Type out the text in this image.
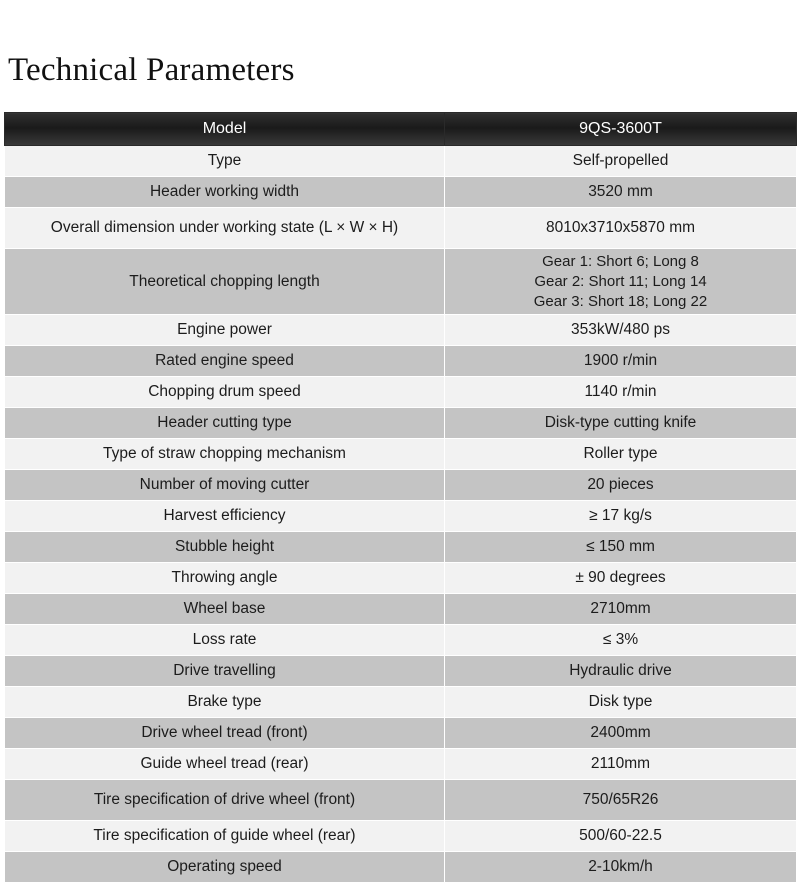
Technical Parameters
Model	9QS-3600T
Type	Self-propelled
Header working width	3520 mm
Overall dimension under working state (L × W × H)	8010x3710x5870 mm
Theoretical chopping length	Gear 1: Short 6; Long 8
Gear 2: Short 11; Long 14
Gear 3: Short 18; Long 22

Engine power	353kW/480 ps
Rated engine speed	1900 r/min
Chopping drum speed	1140 r/min
Header cutting type	Disk-type cutting knife
Type of straw chopping mechanism	Roller type
Number of moving cutter	20 pieces
Harvest efficiency	≥ 17 kg/s
Stubble height	≤ 150 mm
Throwing angle	± 90 degrees
Wheel base	2710mm
Loss rate	≤ 3%
Drive travelling	Hydraulic drive
Brake type	Disk type
Drive wheel tread (front)	2400mm
Guide wheel tread (rear)	2110mm
Tire specification of drive wheel (front)	750/65R26
Tire specification of guide wheel (rear)	500/60-22.5
Operating speed	2-10km/h
